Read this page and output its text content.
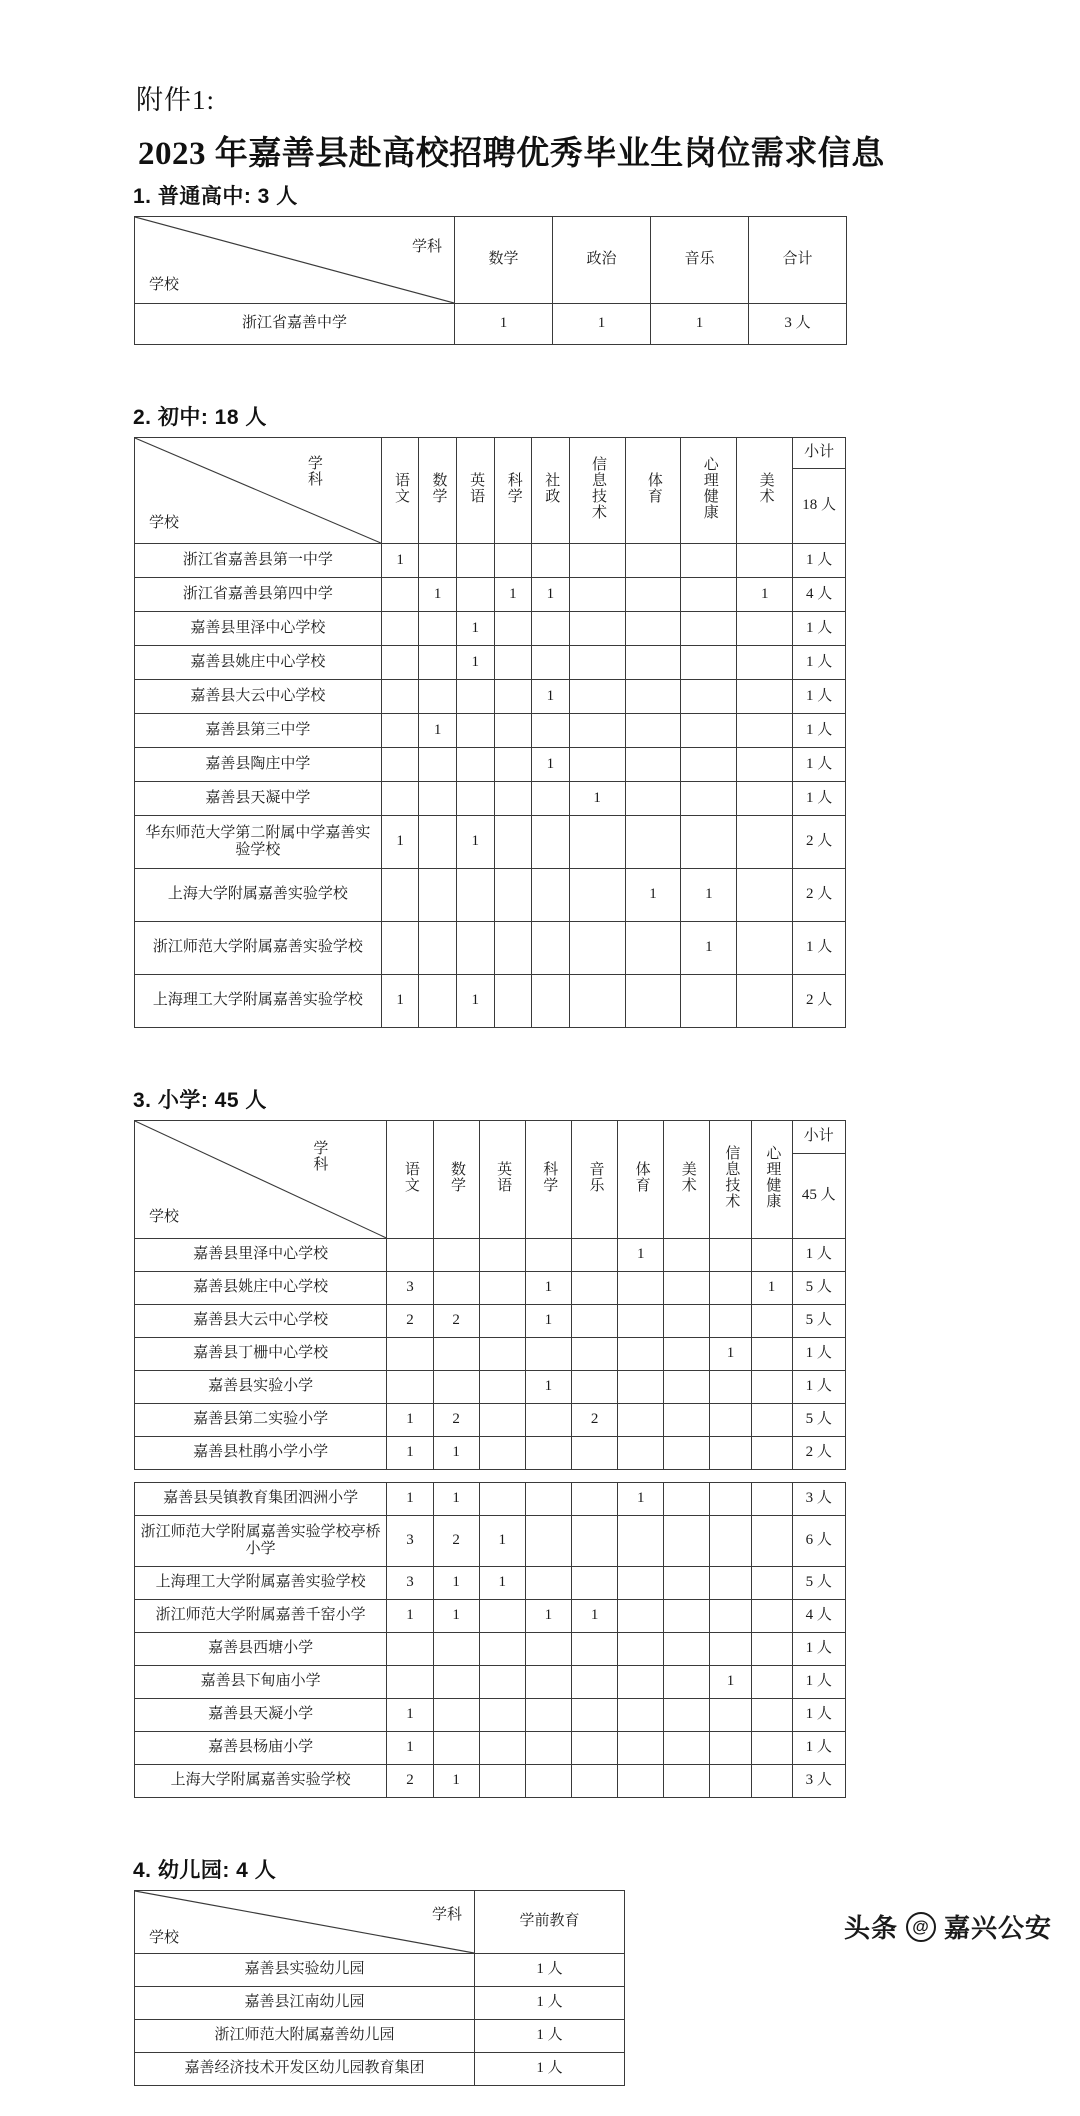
附件1:
2023 年嘉善县赴高校招聘优秀毕业生岗位需求信息
1. 普通高中: 3 人
学科
学校	数学	政治	音乐	合计
浙江省嘉善中学	1	1	1	3 人
2. 初中: 18 人
学科
学校	语文	数学	英语	科学	社政	信息技术	体育	心理健康	美术	小计
										18 人
浙江省嘉善县第一中学	1									1 人
浙江省嘉善县第四中学		1		1	1				1	4 人
嘉善县里泽中心学校			1							1 人
嘉善县姚庄中心学校			1							1 人
嘉善县大云中心学校					1					1 人
嘉善县第三中学		1								1 人
嘉善县陶庄中学					1					1 人
嘉善县天凝中学						1				1 人
华东师范大学第二附属中学嘉善实验学校	1		1							2 人
上海大学附属嘉善实验学校							1	1		2 人
浙江师范大学附属嘉善实验学校								1		1 人
上海理工大学附属嘉善实验学校	1		1							2 人
3. 小学: 45 人
学科
学校	语文	数学	英语	科学	音乐	体育	美术	信息技术	心理健康	小计
										45 人
嘉善县里泽中心学校						1				1 人
嘉善县姚庄中心学校	3			1					1	5 人
嘉善县大云中心学校	2	2		1						5 人
嘉善县丁栅中心学校								1		1 人
嘉善县实验小学				1						1 人
嘉善县第二实验小学	1	2			2					5 人
嘉善县杜鹃小学小学	1	1								2 人
嘉善县吴镇教育集团泗洲小学	1	1				1				3 人
浙江师范大学附属嘉善实验学校亭桥小学	3	2	1							6 人
上海理工大学附属嘉善实验学校	3	1	1							5 人
浙江师范大学附属嘉善千窑小学	1	1		1	1					4 人
嘉善县西塘小学										1 人
嘉善县下甸庙小学								1		1 人
嘉善县天凝小学	1									1 人
嘉善县杨庙小学	1									1 人
上海大学附属嘉善实验学校	2	1								3 人
4. 幼儿园: 4 人
学科
学校	学前教育
嘉善县实验幼儿园	1 人
嘉善县江南幼儿园	1 人
浙江师范大附属嘉善幼儿园	1 人
嘉善经济技术开发区幼儿园教育集团	1 人
头条 @ 嘉兴公安
